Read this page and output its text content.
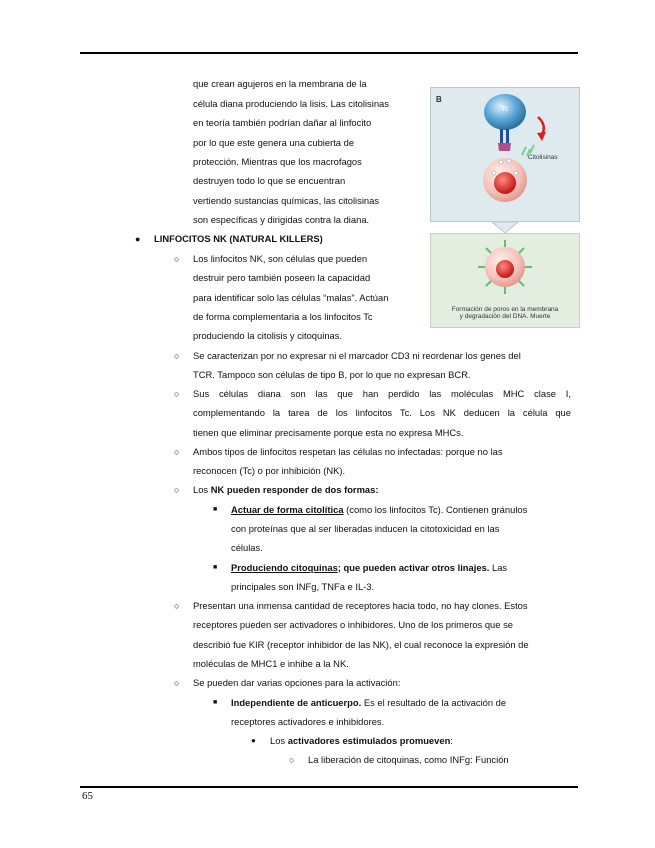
que crean agujeros en la membrana de la
célula diana produciendo la lisis. Las citolisinas
en teoría también podrían dañar al linfocito
por lo que este genera una cubierta de
protección. Mientras que los macrofagos
destruyen todo lo que se encuentran
vertiendo sustancias químicas, las citolisinas
son específicas y dirigidas contra la diana.
● LINFOCITOS NK (NATURAL KILLERS)
○ Los linfocitos NK, son células que pueden
destruir pero también poseen la capacidad
para identificar solo las células “malas”. Actúan
de forma complementaria a los linfocitos Tc
produciendo la citolisis y citoquinas.
○ Se caracterizan por no expresar ni el marcador CD3 ni reordenar los genes del
TCR. Tampoco son células de tipo B, por lo que no expresan BCR.
○ Sus células diana son las que han perdido las moléculas MHC clase I,
complementando la tarea de los linfocitos Tc. Los NK deducen la célula que
tienen que eliminar precisamente porque esta no expresa MHCs.
○ Ambos tipos de linfocitos respetan las células no infectadas: porque no las
reconocen (Tc) o por inhibición (NK).
○ Los NK pueden responder de dos formas:
■ Actuar de forma citolítica (como los linfocitos Tc). Contienen gránulos
con proteínas que al ser liberadas inducen la citotoxicidad en las
células.
■ Produciendo citoquinas; que pueden activar otros linajes. Las
principales son INFg, TNFa e IL-3.
○ Presentan una inmensa cantidad de receptores hacia todo, no hay clones. Estos
receptores pueden ser activadores o inhibidores. Uno de los primeros que se
describió fue KIR (receptor inhibidor de las NK), el cual reconoce la expresión de
moléculas de MHC1 e inhibe a la NK.
○ Se pueden dar varias opciones para la activación:
■ Independiente de anticuerpo. Es el resultado de la activación de
receptores activadores e inhibidores.
● Los activadores estimulados promueven:
○ La liberación de citoquinas, como INFg: Función
B
Tc
Citolisinas
Formación de poros en la membrana
y degradación del DNA. Muerte
65
